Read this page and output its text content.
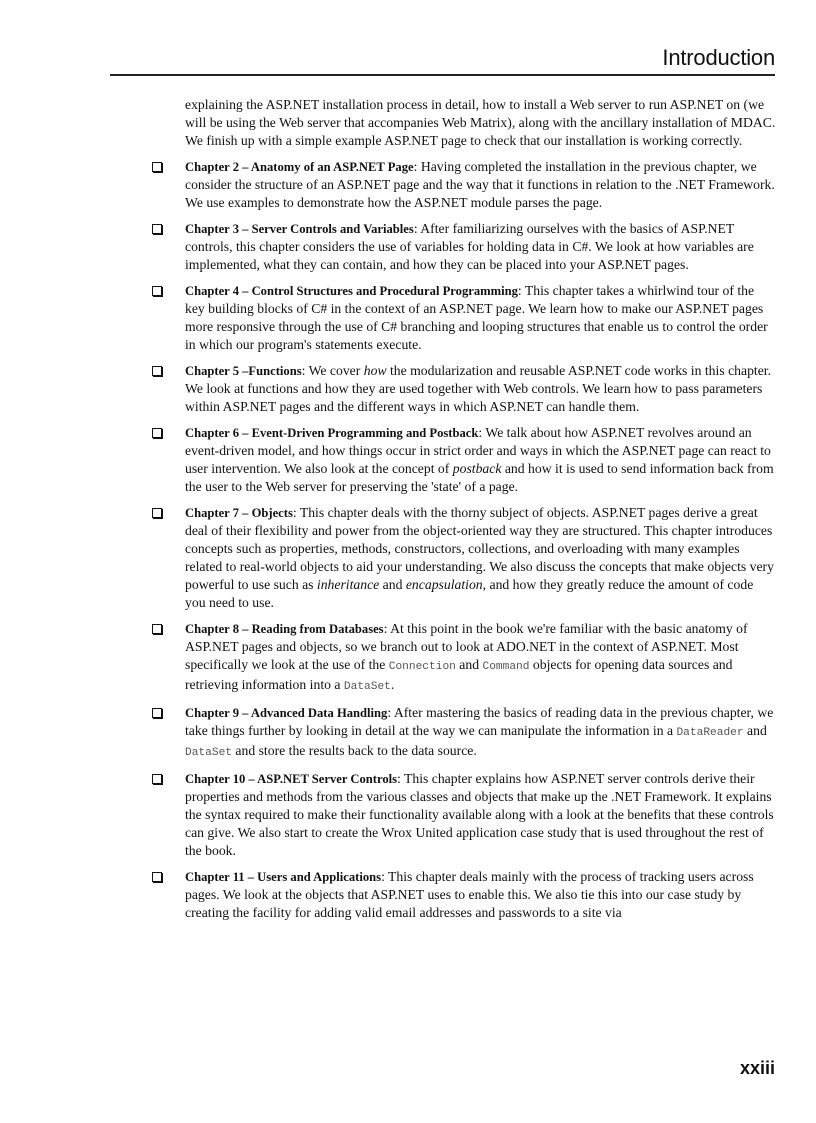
Introduction

explaining the ASP.NET installation process in detail, how to install a Web server to run ASP.NET on (we will be using the Web server that accompanies Web Matrix), along with the ancillary installation of MDAC. We finish up with a simple example ASP.NET page to check that our installation is working correctly.

Chapter 2 – Anatomy of an ASP.NET Page: Having completed the installation in the previous chapter, we consider the structure of an ASP.NET page and the way that it functions in relation to the .NET Framework. We use examples to demonstrate how the ASP.NET module parses the page.
Chapter 3 – Server Controls and Variables: After familiarizing ourselves with the basics of ASP.NET controls, this chapter considers the use of variables for holding data in C#. We look at how variables are implemented, what they can contain, and how they can be placed into your ASP.NET pages.
Chapter 4 – Control Structures and Procedural Programming: This chapter takes a whirlwind tour of the key building blocks of C# in the context of an ASP.NET page. We learn how to make our ASP.NET pages more responsive through the use of C# branching and looping structures that enable us to control the order in which our program's statements execute.
Chapter 5 –Functions: We cover how the modularization and reusable ASP.NET code works in this chapter. We look at functions and how they are used together with Web controls. We learn how to pass parameters within ASP.NET pages and the different ways in which ASP.NET can handle them.
Chapter 6 – Event-Driven Programming and Postback: We talk about how ASP.NET revolves around an event-driven model, and how things occur in strict order and ways in which the ASP.NET page can react to user intervention. We also look at the concept of postback and how it is used to send information back from the user to the Web server for preserving the 'state' of a page.
Chapter 7 – Objects: This chapter deals with the thorny subject of objects. ASP.NET pages derive a great deal of their flexibility and power from the object-oriented way they are structured. This chapter introduces concepts such as properties, methods, constructors, collections, and overloading with many examples related to real-world objects to aid your understanding. We also discuss the concepts that make objects very powerful to use such as inheritance and encapsulation, and how they greatly reduce the amount of code you need to use.
Chapter 8 – Reading from Databases: At this point in the book we're familiar with the basic anatomy of ASP.NET pages and objects, so we branch out to look at ADO.NET in the context of ASP.NET. Most specifically we look at the use of the Connection and Command objects for opening data sources and retrieving information into a DataSet.
Chapter 9 – Advanced Data Handling: After mastering the basics of reading data in the previous chapter, we take things further by looking in detail at the way we can manipulate the information in a DataReader and DataSet and store the results back to the data source.
Chapter 10 – ASP.NET Server Controls: This chapter explains how ASP.NET server controls derive their properties and methods from the various classes and objects that make up the .NET Framework. It explains the syntax required to make their functionality available along with a look at the benefits that these controls can give. We also start to create the Wrox United application case study that is used throughout the rest of the book.
Chapter 11 – Users and Applications: This chapter deals mainly with the process of tracking users across pages. We look at the objects that ASP.NET uses to enable this. We also tie this into our case study by creating the facility for adding valid email addresses and passwords to a site via
xxiii
